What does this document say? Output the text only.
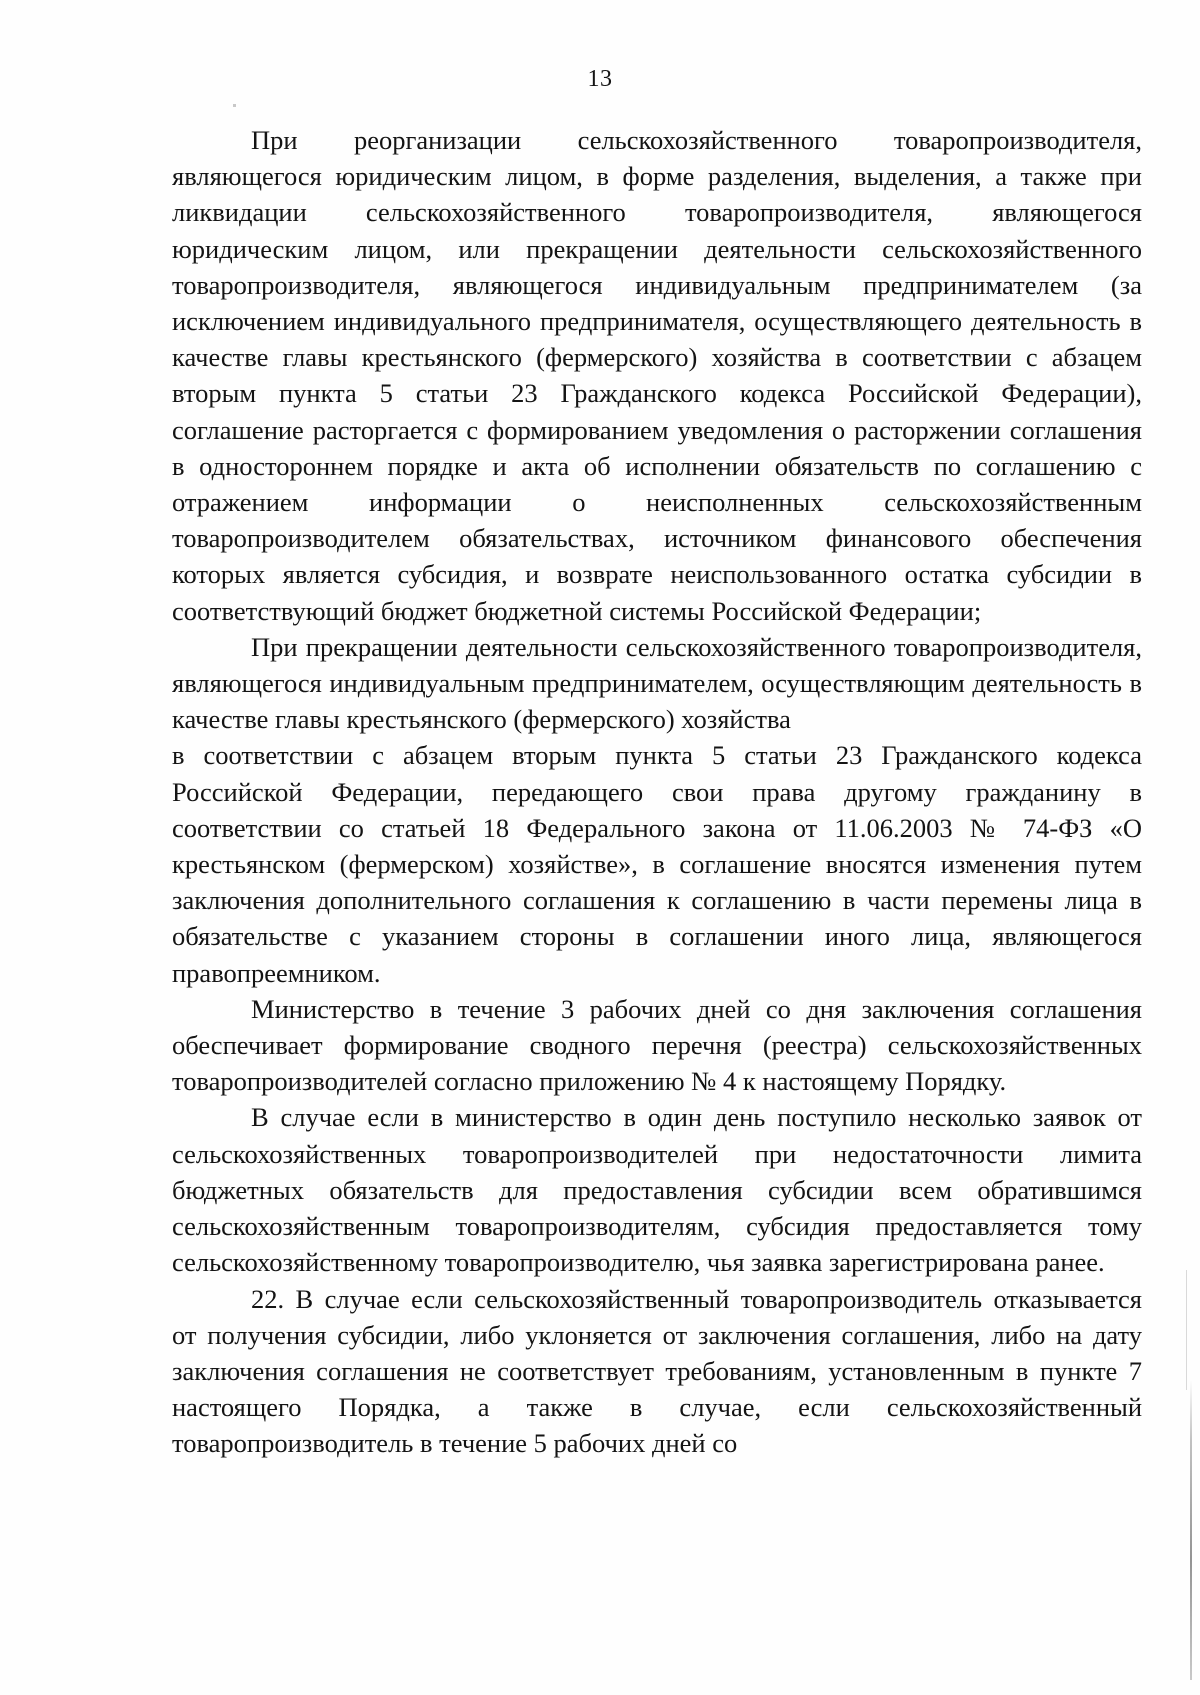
13

При реорганизации сельскохозяйственного товаропроизводителя, являющегося юридическим лицом, в форме разделения, выделения, а также при ликвидации сельскохозяйственного товаропроизводителя, являющегося юридическим лицом, или прекращении деятельности сельскохозяйственного товаропроизводителя, являющегося индивидуальным предпринимателем (за исключением индивидуального предпринимателя, осуществляющего деятельность в качестве главы крестьянского (фермерского) хозяйства в соответствии с абзацем вторым пункта 5 статьи 23 Гражданского кодекса Российской Федерации), соглашение расторгается с формированием уведомления о расторжении соглашения в одностороннем порядке и акта об исполнении обязательств по соглашению с отражением информации о неисполненных сельскохозяйственным товаропроизводителем обязательствах, источником финансового обеспечения которых является субсидия, и возврате неиспользованного остатка субсидии в соответствующий бюджет бюджетной системы Российской Федерации;

При прекращении деятельности сельскохозяйственного товаропроизводителя, являющегося индивидуальным предпринимателем, осуществляющим деятельность в качестве главы крестьянского (фермерского) хозяйства

в соответствии с абзацем вторым пункта 5 статьи 23 Гражданского кодекса Российской Федерации, передающего свои права другому гражданину в соответствии со статьей 18 Федерального закона от 11.06.2003 № 74-ФЗ «О крестьянском (фермерском) хозяйстве», в соглашение вносятся изменения путем заключения дополнительного соглашения к соглашению в части перемены лица в обязательстве с указанием стороны в соглашении иного лица, являющегося правопреемником.

Министерство в течение 3 рабочих дней со дня заключения соглашения обеспечивает формирование сводного перечня (реестра) сельскохозяйственных товаропроизводителей согласно приложению № 4 к настоящему Порядку.

В случае если в министерство в один день поступило несколько заявок от сельскохозяйственных товаропроизводителей при недостаточности лимита бюджетных обязательств для предоставления субсидии всем обратившимся сельскохозяйственным товаропроизводителям, субсидия предоставляется тому сельскохозяйственному товаропроизводителю, чья заявка зарегистрирована ранее.

22. В случае если сельскохозяйственный товаропроизводитель отказывается от получения субсидии, либо уклоняется от заключения соглашения, либо на дату заключения соглашения не соответствует требованиям, установленным в пункте 7 настоящего Порядка, а также в случае, если сельскохозяйственный товаропроизводитель в течение 5 рабочих дней со
